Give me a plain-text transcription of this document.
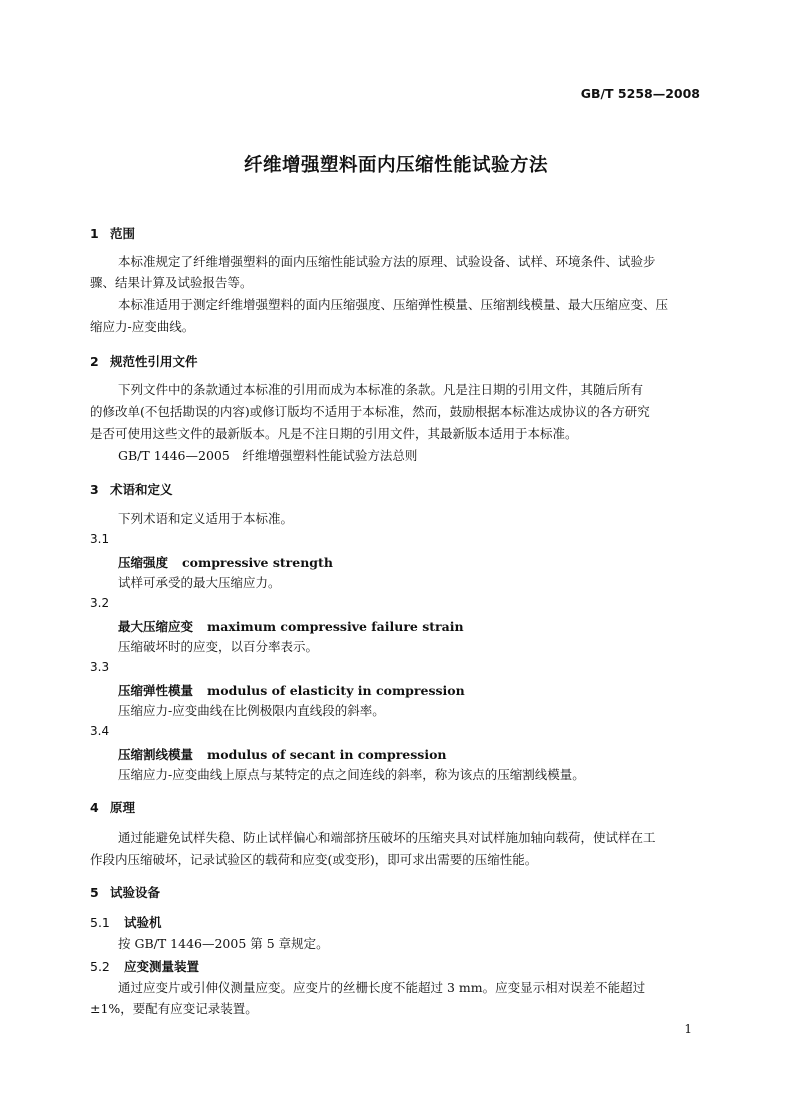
GB/T 5258—2008
纤维增强塑料面内压缩性能试验方法
1 范围
本标准规定了纤维增强塑料的面内压缩性能试验方法的原理、试验设备、试样、环境条件、试验步
骤、结果计算及试验报告等。
本标准适用于测定纤维增强塑料的面内压缩强度、压缩弹性模量、压缩割线模量、最大压缩应变、压
缩应力-应变曲线。
2 规范性引用文件
下列文件中的条款通过本标准的引用而成为本标准的条款。凡是注日期的引用文件，其随后所有
的修改单(不包括勘误的内容)或修订版均不适用于本标准，然而，鼓励根据本标准达成协议的各方研究
是否可使用这些文件的最新版本。凡是不注日期的引用文件，其最新版本适用于本标准。
GB/T 1446—2005　纤维增强塑料性能试验方法总则
3 术语和定义
下列术语和定义适用于本标准。
3.1
压缩强度 compressive strength
试样可承受的最大压缩应力。
3.2
最大压缩应变 maximum compressive failure strain
压缩破坏时的应变，以百分率表示。
3.3
压缩弹性模量 modulus of elasticity in compression
压缩应力-应变曲线在比例极限内直线段的斜率。
3.4
压缩割线模量 modulus of secant in compression
压缩应力-应变曲线上原点与某特定的点之间连线的斜率，称为该点的压缩割线模量。
4 原理
通过能避免试样失稳、防止试样偏心和端部挤压破坏的压缩夹具对试样施加轴向载荷，使试样在工
作段内压缩破坏，记录试验区的载荷和应变(或变形)，即可求出需要的压缩性能。
5 试验设备
5.1 试验机
按 GB/T 1446—2005 第 5 章规定。
5.2 应变测量装置
通过应变片或引伸仪测量应变。应变片的丝栅长度不能超过 3 mm。应变显示相对误差不能超过
±1%，要配有应变记录装置。
1
